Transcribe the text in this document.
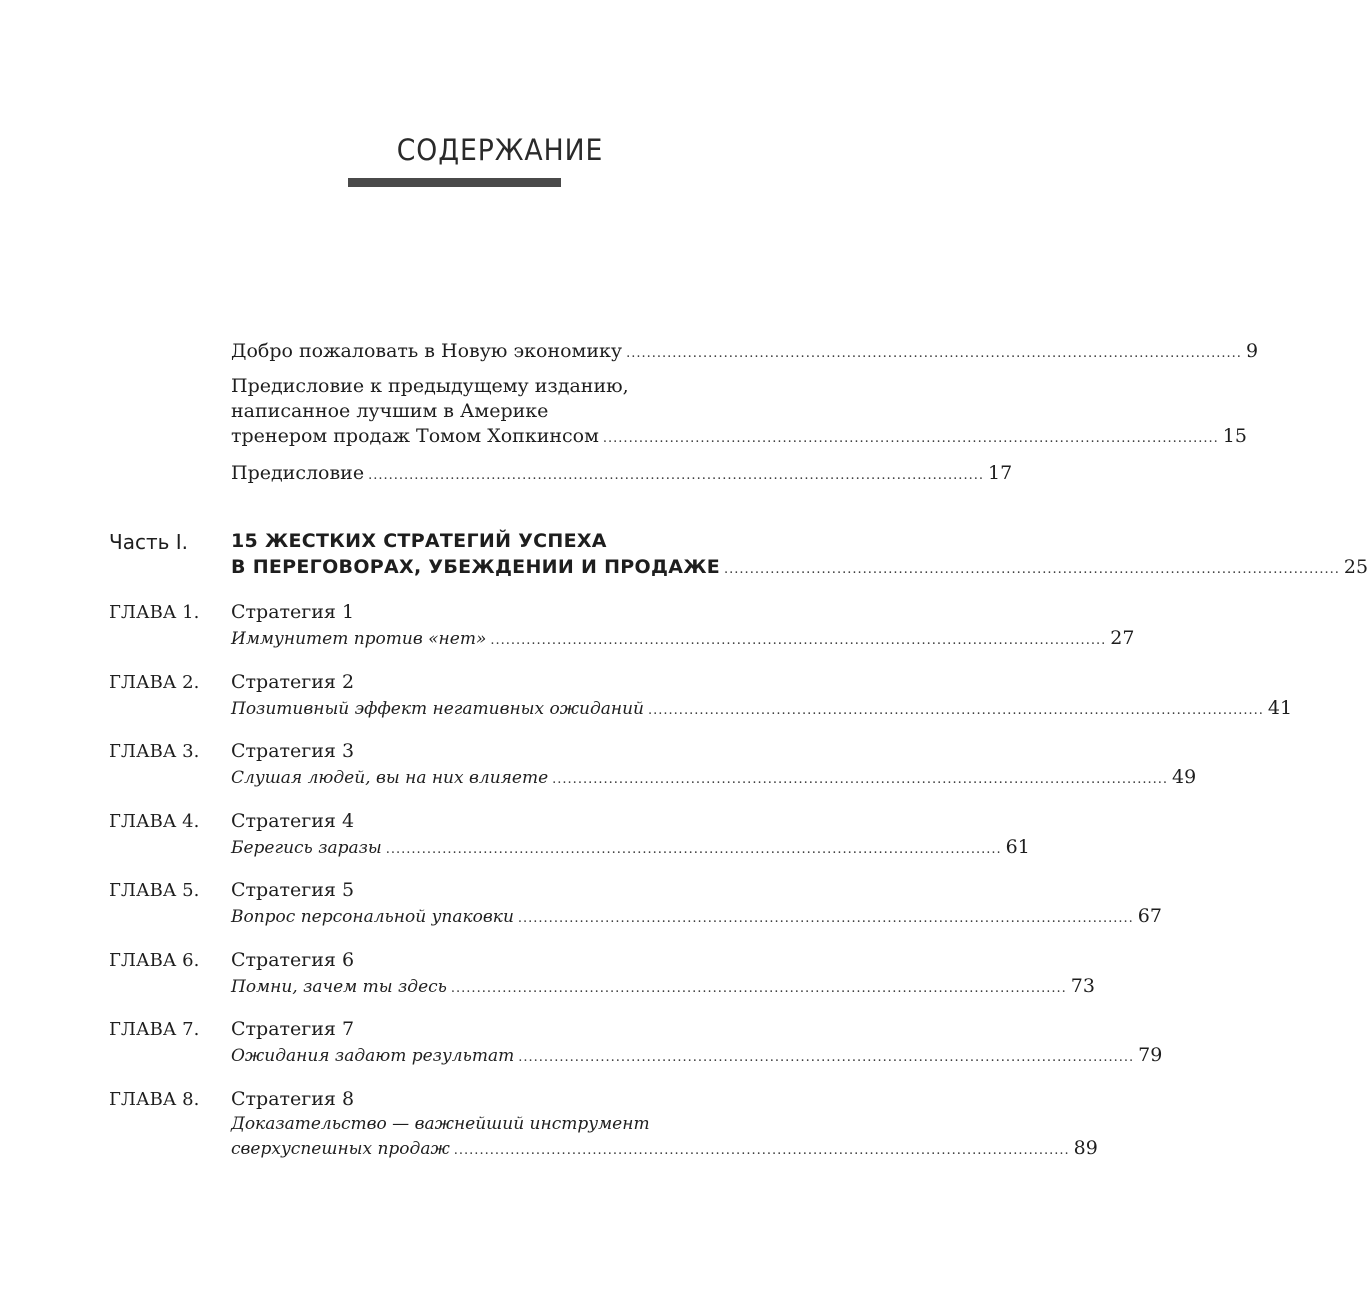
СОДЕРЖАНИЕ
Добро пожаловать в Новую экономику ........................................................................................................................ 9
Предисловие к предыдущему изданию,
написанное лучшим в Америке
тренером продаж Томом Хопкинсом ........................................................................................................................ 15
Предисловие ........................................................................................................................ 17
Часть I. 15 ЖЕСТКИХ СТРАТЕГИЙ УСПЕХА
В ПЕРЕГОВОРАХ, УБЕЖДЕНИИ И ПРОДАЖЕ ........................................................................................................................ 25
ГЛАВА 1. Стратегия 1
Иммунитет против «нет» ........................................................................................................................ 27
ГЛАВА 2. Стратегия 2
Позитивный эффект негативных ожиданий ........................................................................................................................ 41
ГЛАВА 3. Стратегия 3
Слушая людей, вы на них влияете ........................................................................................................................ 49
ГЛАВА 4. Стратегия 4
Берегись заразы ........................................................................................................................ 61
ГЛАВА 5. Стратегия 5
Вопрос персональной упаковки ........................................................................................................................ 67
ГЛАВА 6. Стратегия 6
Помни, зачем ты здесь ........................................................................................................................ 73
ГЛАВА 7. Стратегия 7
Ожидания задают результат ........................................................................................................................ 79
ГЛАВА 8. Стратегия 8
Доказательство — важнейший инструмент
сверхуспешных продаж ........................................................................................................................ 89
